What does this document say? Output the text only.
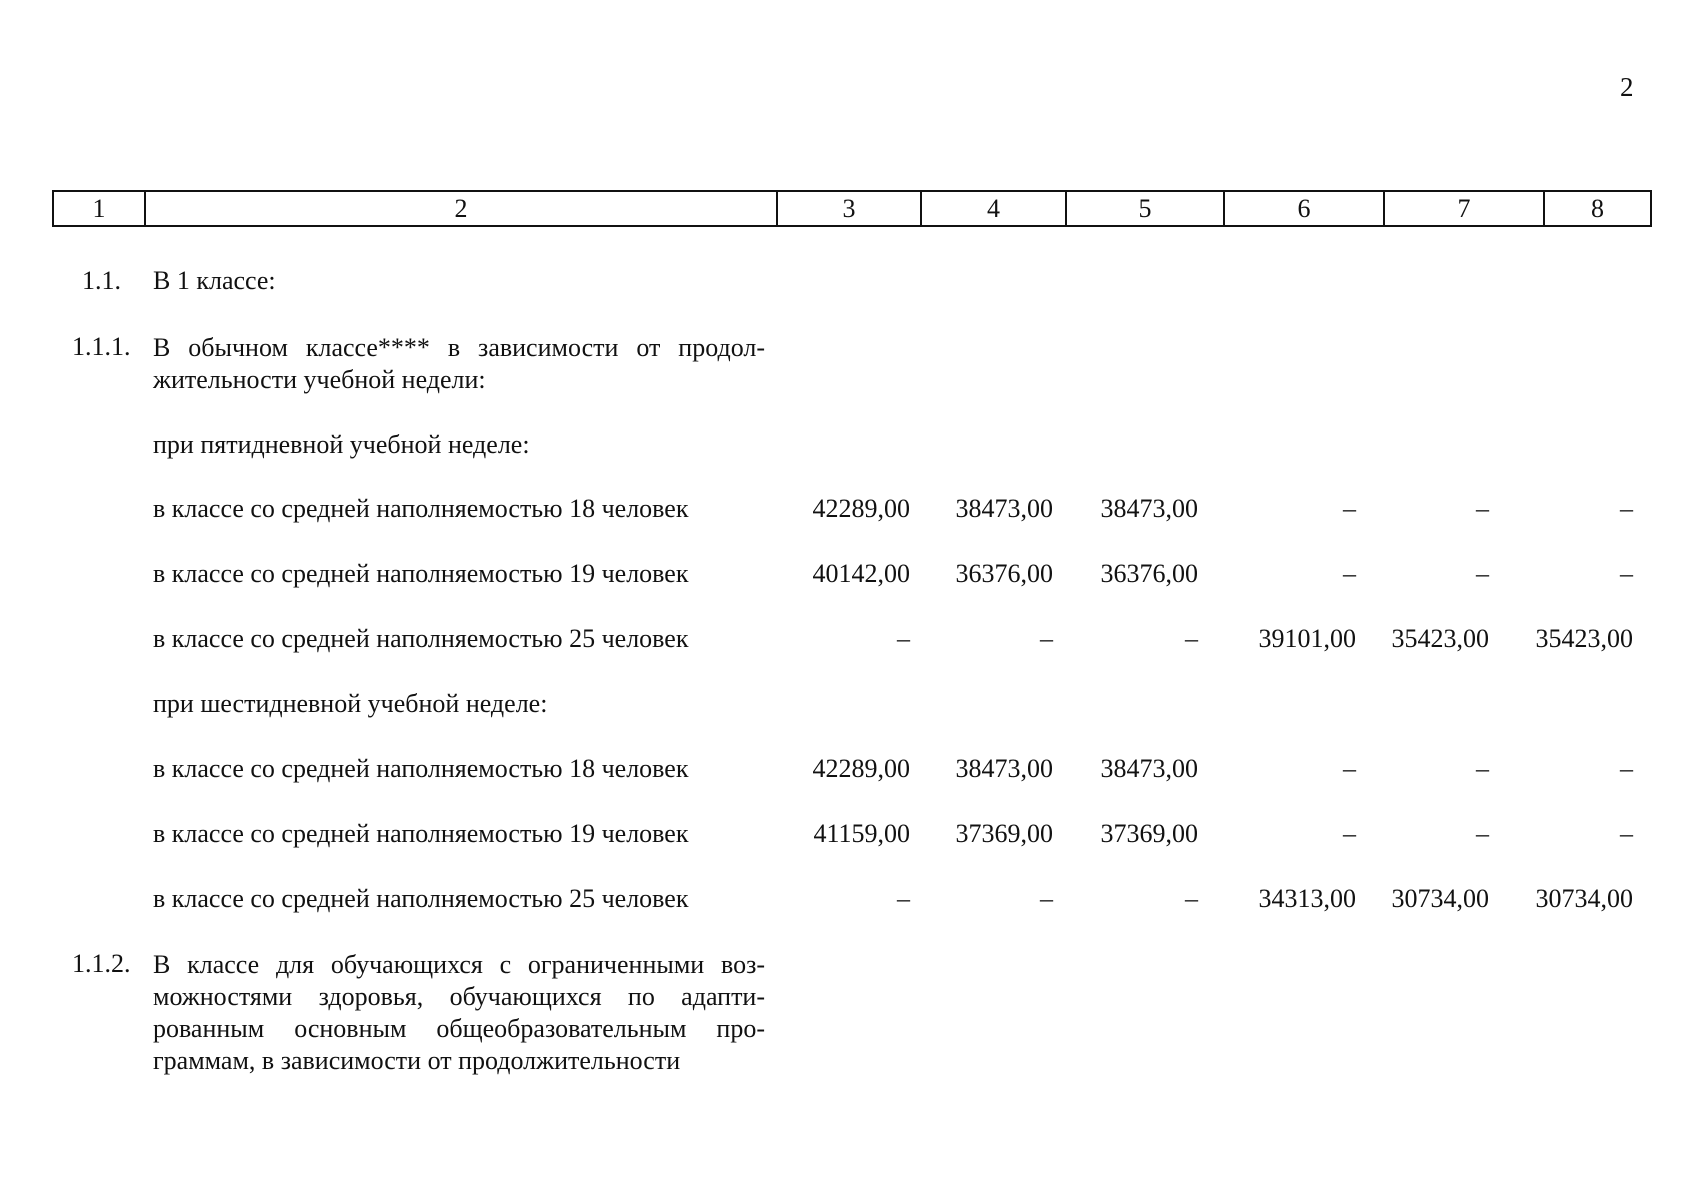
2
1	2	3	4	5	6	7	8
1.1. В 1 классе:
1.1.1. В обычном классе**** в зависимости от продол-
жительности учебной недели:
при пятидневной учебной неделе:
в классе со средней наполняемостью 18 человек	42289,00	38473,00	38473,00	–	–	–
в классе со средней наполняемостью 19 человек	40142,00	36376,00	36376,00	–	–	–
в классе со средней наполняемостью 25 человек	–	–	–	39101,00	35423,00	35423,00
при шестидневной учебной неделе:
в классе со средней наполняемостью 18 человек	42289,00	38473,00	38473,00	–	–	–
в классе со средней наполняемостью 19 человек	41159,00	37369,00	37369,00	–	–	–
в классе со средней наполняемостью 25 человек	–	–	–	34313,00	30734,00	30734,00
1.1.2. В классе для обучающихся с ограниченными воз-
можностями здоровья, обучающихся по адапти-
рованным основным общеобразовательным про-
граммам, в зависимости от продолжительности
